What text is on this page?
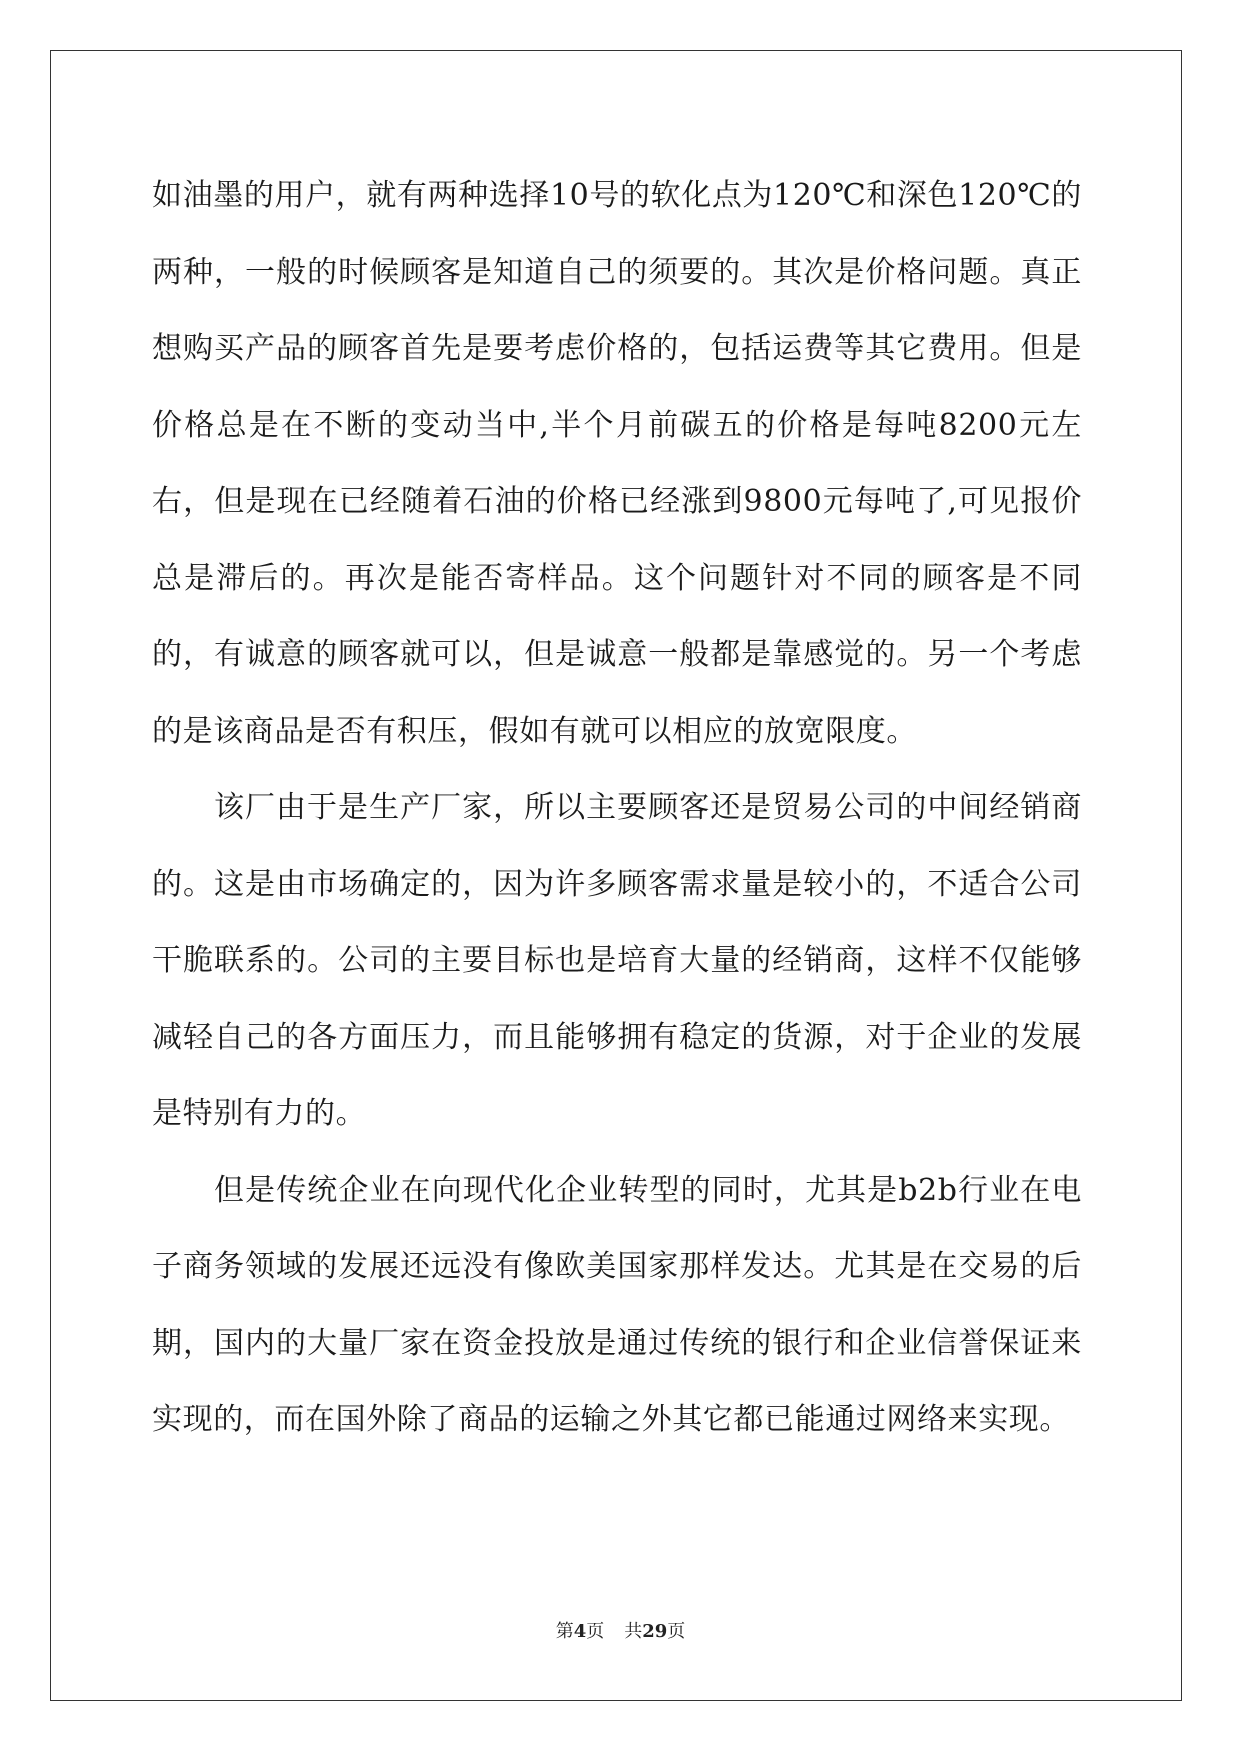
如油墨的用户，就有两种选择10号的软化点为120℃和深色120℃的两种，一般的时候顾客是知道自己的须要的。其次是价格问题。真正想购买产品的顾客首先是要考虑价格的，包括运费等其它费用。但是价格总是在不断的变动当中,半个月前碳五的价格是每吨8200元左右，但是现在已经随着石油的价格已经涨到9800元每吨了,可见报价总是滞后的。再次是能否寄样品。这个问题针对不同的顾客是不同的，有诚意的顾客就可以，但是诚意一般都是靠感觉的。另一个考虑的是该商品是否有积压，假如有就可以相应的放宽限度。

该厂由于是生产厂家，所以主要顾客还是贸易公司的中间经销商的。这是由市场确定的，因为许多顾客需求量是较小的，不适合公司干脆联系的。公司的主要目标也是培育大量的经销商，这样不仅能够减轻自己的各方面压力，而且能够拥有稳定的货源，对于企业的发展是特别有力的。

但是传统企业在向现代化企业转型的同时，尤其是b2b行业在电子商务领域的发展还远没有像欧美国家那样发达。尤其是在交易的后期，国内的大量厂家在资金投放是通过传统的银行和企业信誉保证来实现的，而在国外除了商品的运输之外其它都已能通过网络来实现。

第4页 共29页
